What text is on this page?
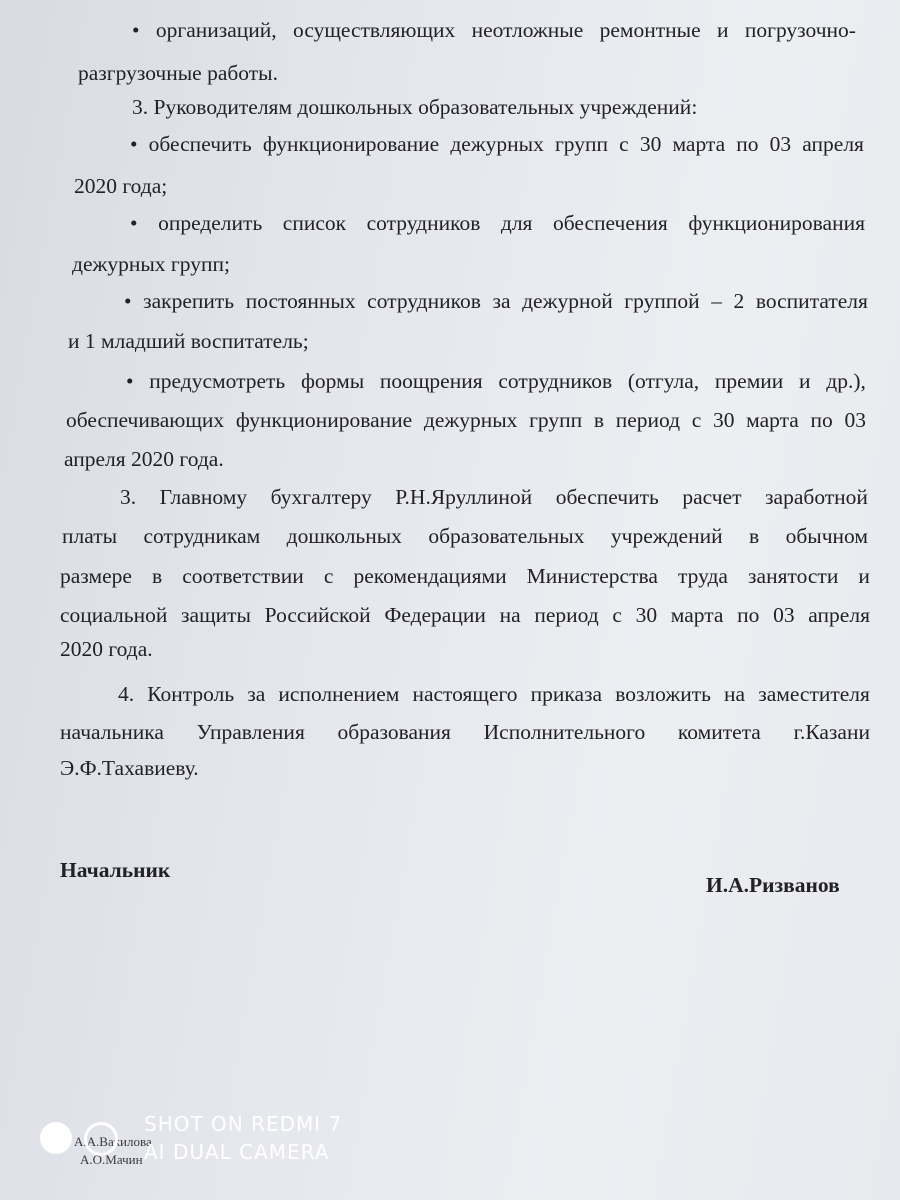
• организаций, осуществляющих неотложные ремонтные и погрузочно-
разгрузочные работы.
3. Руководителям дошкольных образовательных учреждений:
• обеспечить функционирование дежурных групп с 30 марта по 03 апреля
2020 года;
• определить список сотрудников для обеспечения функционирования
дежурных групп;
• закрепить постоянных сотрудников за дежурной группой – 2 воспитателя
и 1 младший воспитатель;
• предусмотреть формы поощрения сотрудников (отгула, премии и др.),
обеспечивающих функционирование дежурных групп в период с 30 марта по 03
апреля 2020 года.
3. Главному бухгалтеру Р.Н.Яруллиной обеспечить расчет заработной
платы сотрудникам дошкольных образовательных учреждений в обычном
размере в соответствии с рекомендациями Министерства труда занятости и
социальной защиты Российской Федерации на период с 30 марта по 03 апреля
2020 года.
4. Контроль за исполнением настоящего приказа возложить на заместителя
начальника Управления образования Исполнительного комитета г.Казани
Э.Ф.Тахавиеву.
Начальник
И.А.Ризванов
А.А.Вакилова
А.О.Мачин
SHOT ON REDMI 7
AI DUAL CAMERA
